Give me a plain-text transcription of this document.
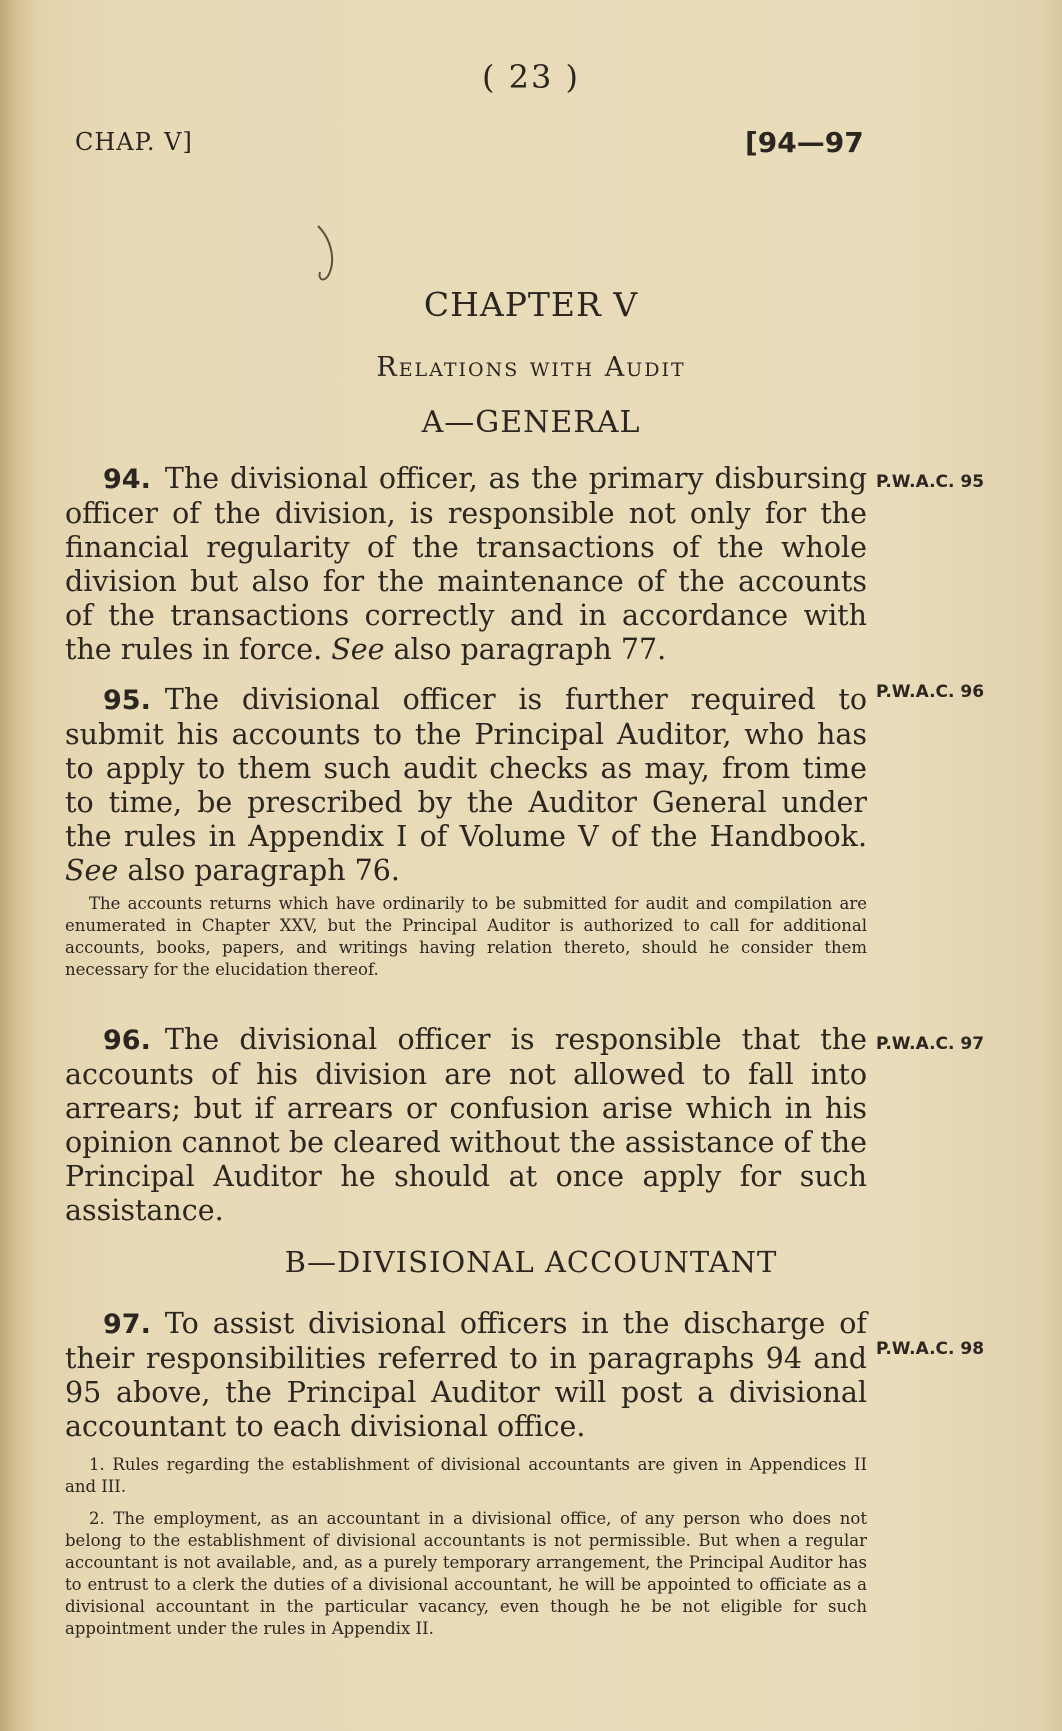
( 23 )
CHAP. V]	[94—97
CHAPTER V
Relations with Audit
A—GENERAL
94. The divisional officer, as the primary disbursing officer of the division, is responsible not only for the financial regularity of the transactions of the whole division but also for the maintenance of the accounts of the transactions correctly and in accordance with the rules in force. See also paragraph 77.
P.W.A.C. 95
95. The divisional officer is further required to submit his accounts to the Principal Auditor, who has to apply to them such audit checks as may, from time to time, be prescribed by the Auditor General under the rules in Appendix I of Volume V of the Handbook. See also paragraph 76.
P.W.A.C. 96
The accounts returns which have ordinarily to be submitted for audit and compilation are enumerated in Chapter XXV, but the Principal Auditor is authorized to call for additional accounts, books, papers, and writings having relation thereto, should he consider them necessary for the elucidation thereof.
96. The divisional officer is responsible that the accounts of his division are not allowed to fall into arrears; but if arrears or confusion arise which in his opinion cannot be cleared without the assistance of the Principal Auditor he should at once apply for such assistance.
P.W.A.C. 97
B—DIVISIONAL ACCOUNTANT
97. To assist divisional officers in the discharge of their responsibilities referred to in paragraphs 94 and 95 above, the Principal Auditor will post a divisional accountant to each divisional office.
P.W.A.C. 98
1. Rules regarding the establishment of divisional accountants are given in Appendices II and III.
2. The employment, as an accountant in a divisional office, of any person who does not belong to the establishment of divisional accountants is not permissible. But when a regular accountant is not available, and, as a purely temporary arrangement, the Principal Auditor has to entrust to a clerk the duties of a divisional accountant, he will be appointed to officiate as a divisional accountant in the particular vacancy, even though he be not eligible for such appointment under the rules in Appendix II.
